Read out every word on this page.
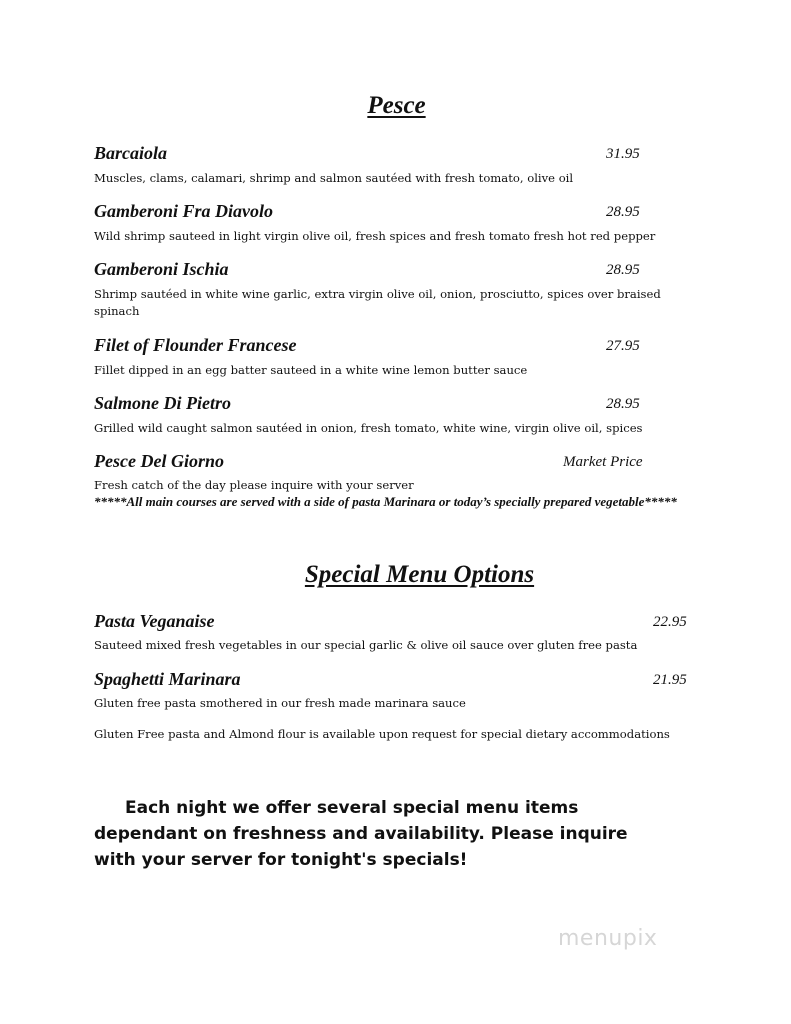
Pesce
Barcaiola	31.95
Muscles, clams, calamari, shrimp and salmon sautéed with fresh tomato, olive oil
Gamberoni Fra Diavolo	28.95
Wild shrimp sauteed in light virgin olive oil, fresh spices and fresh tomato fresh hot red pepper
Gamberoni Ischia	28.95
Shrimp sautéed in white wine garlic, extra virgin olive oil, onion, prosciutto, spices over braised spinach
Filet of Flounder Francese	27.95
Fillet dipped in an egg batter sauteed in a white wine lemon butter sauce
Salmone Di Pietro	28.95
Grilled wild caught salmon sautéed in onion, fresh tomato, white wine, virgin olive oil, spices
Pesce Del Giorno	Market Price
Fresh catch of the day please inquire with your server
*****All main courses are served with a side of pasta Marinara or today’s specially prepared vegetable*****
Special Menu Options
Pasta Veganaise	22.95
Sauteed mixed fresh vegetables in our special garlic & olive oil sauce over gluten free pasta
Spaghetti Marinara	21.95
Gluten free pasta smothered in our fresh made marinara sauce
Gluten Free pasta and Almond flour is available upon request for special dietary accommodations
Each night we offer several special menu items dependant on freshness and availability. Please inquire with your server for tonight's specials!
menupix
